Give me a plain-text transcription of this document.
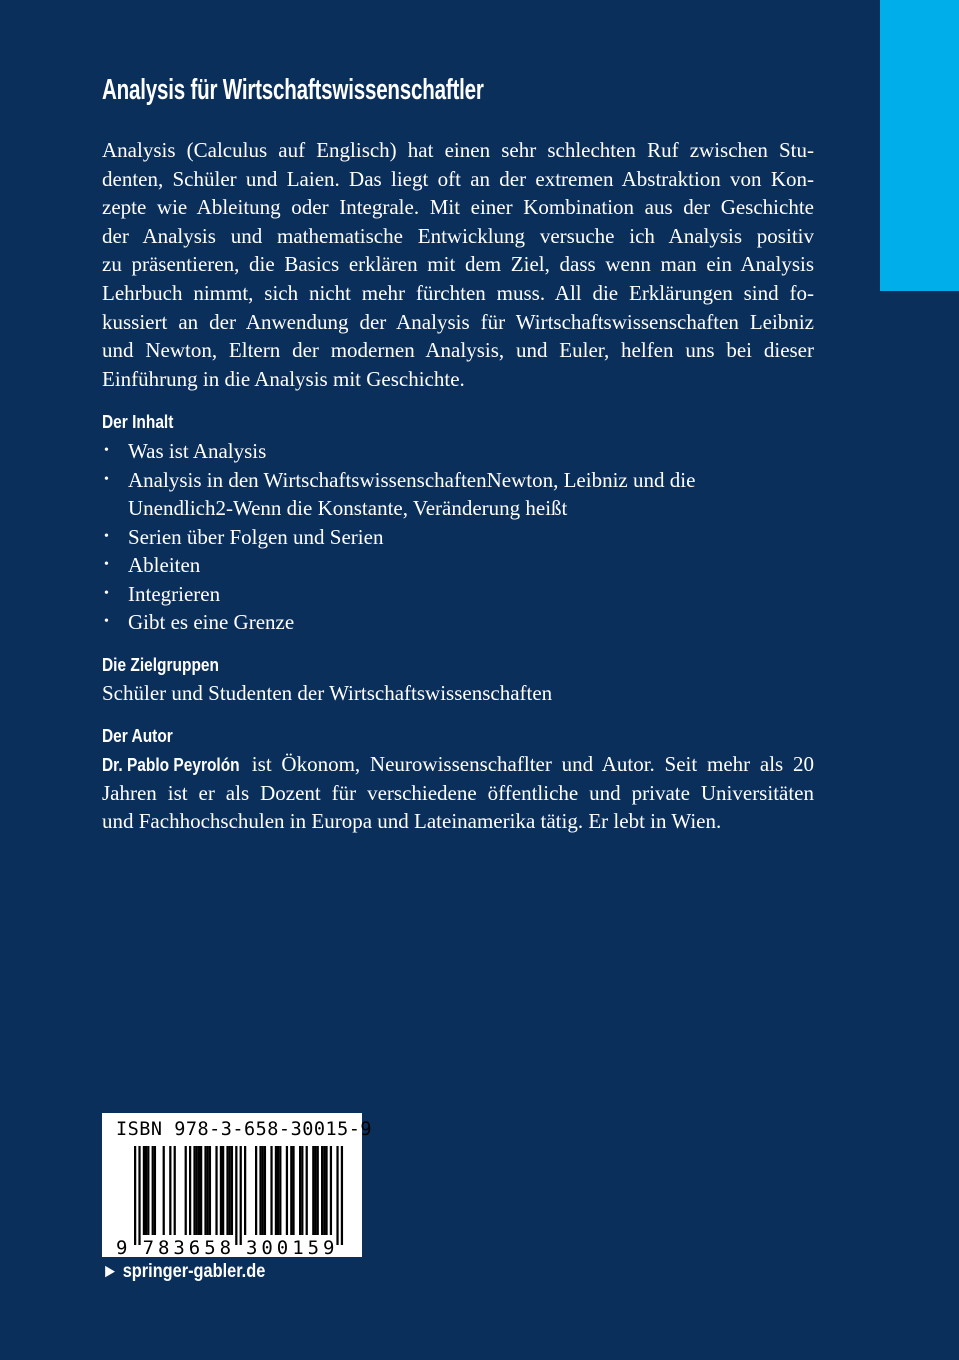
Analysis für Wirtschaftswissenschaftler
Analysis (Calculus auf Englisch) hat einen sehr schlechten Ruf zwischen Stu-
denten, Schüler und Laien. Das liegt oft an der extremen Abstraktion von Kon-
zepte wie Ableitung oder Integrale. Mit einer Kombination aus der Geschichte
der Analysis und mathematische Entwicklung versuche ich Analysis positiv
zu präsentieren, die Basics erklären mit dem Ziel, dass wenn man ein Analysis
Lehrbuch nimmt, sich nicht mehr fürchten muss. All die Erklärungen sind fo-
kussiert an der Anwendung der Analysis für Wirtschaftswissenschaften Leibniz
und Newton, Eltern der modernen Analysis, und Euler, helfen uns bei dieser
Einführung in die Analysis mit Geschichte.
Der Inhalt
• Was ist Analysis
• Analysis in den WirtschaftswissenschaftenNewton, Leibniz und die
Unendlich2-Wenn die Konstante, Veränderung heißt
• Serien über Folgen und Serien
• Ableiten
• Integrieren
• Gibt es eine Grenze
Die Zielgruppen
Schüler und Studenten der Wirtschaftswissenschaften
Der Autor
Dr. Pablo Peyrolón ist Ökonom, Neurowissenschaflter und Autor. Seit mehr als 20
Jahren ist er als Dozent für verschiedene öffentliche und private Universitäten
und Fachhochschulen in Europa und Lateinamerika tätig. Er lebt in Wien.
9 7 8 3 6 5 8 3 0 0 1 5 9
ISBN 978-3-658-30015-9
► springer-gabler.de
